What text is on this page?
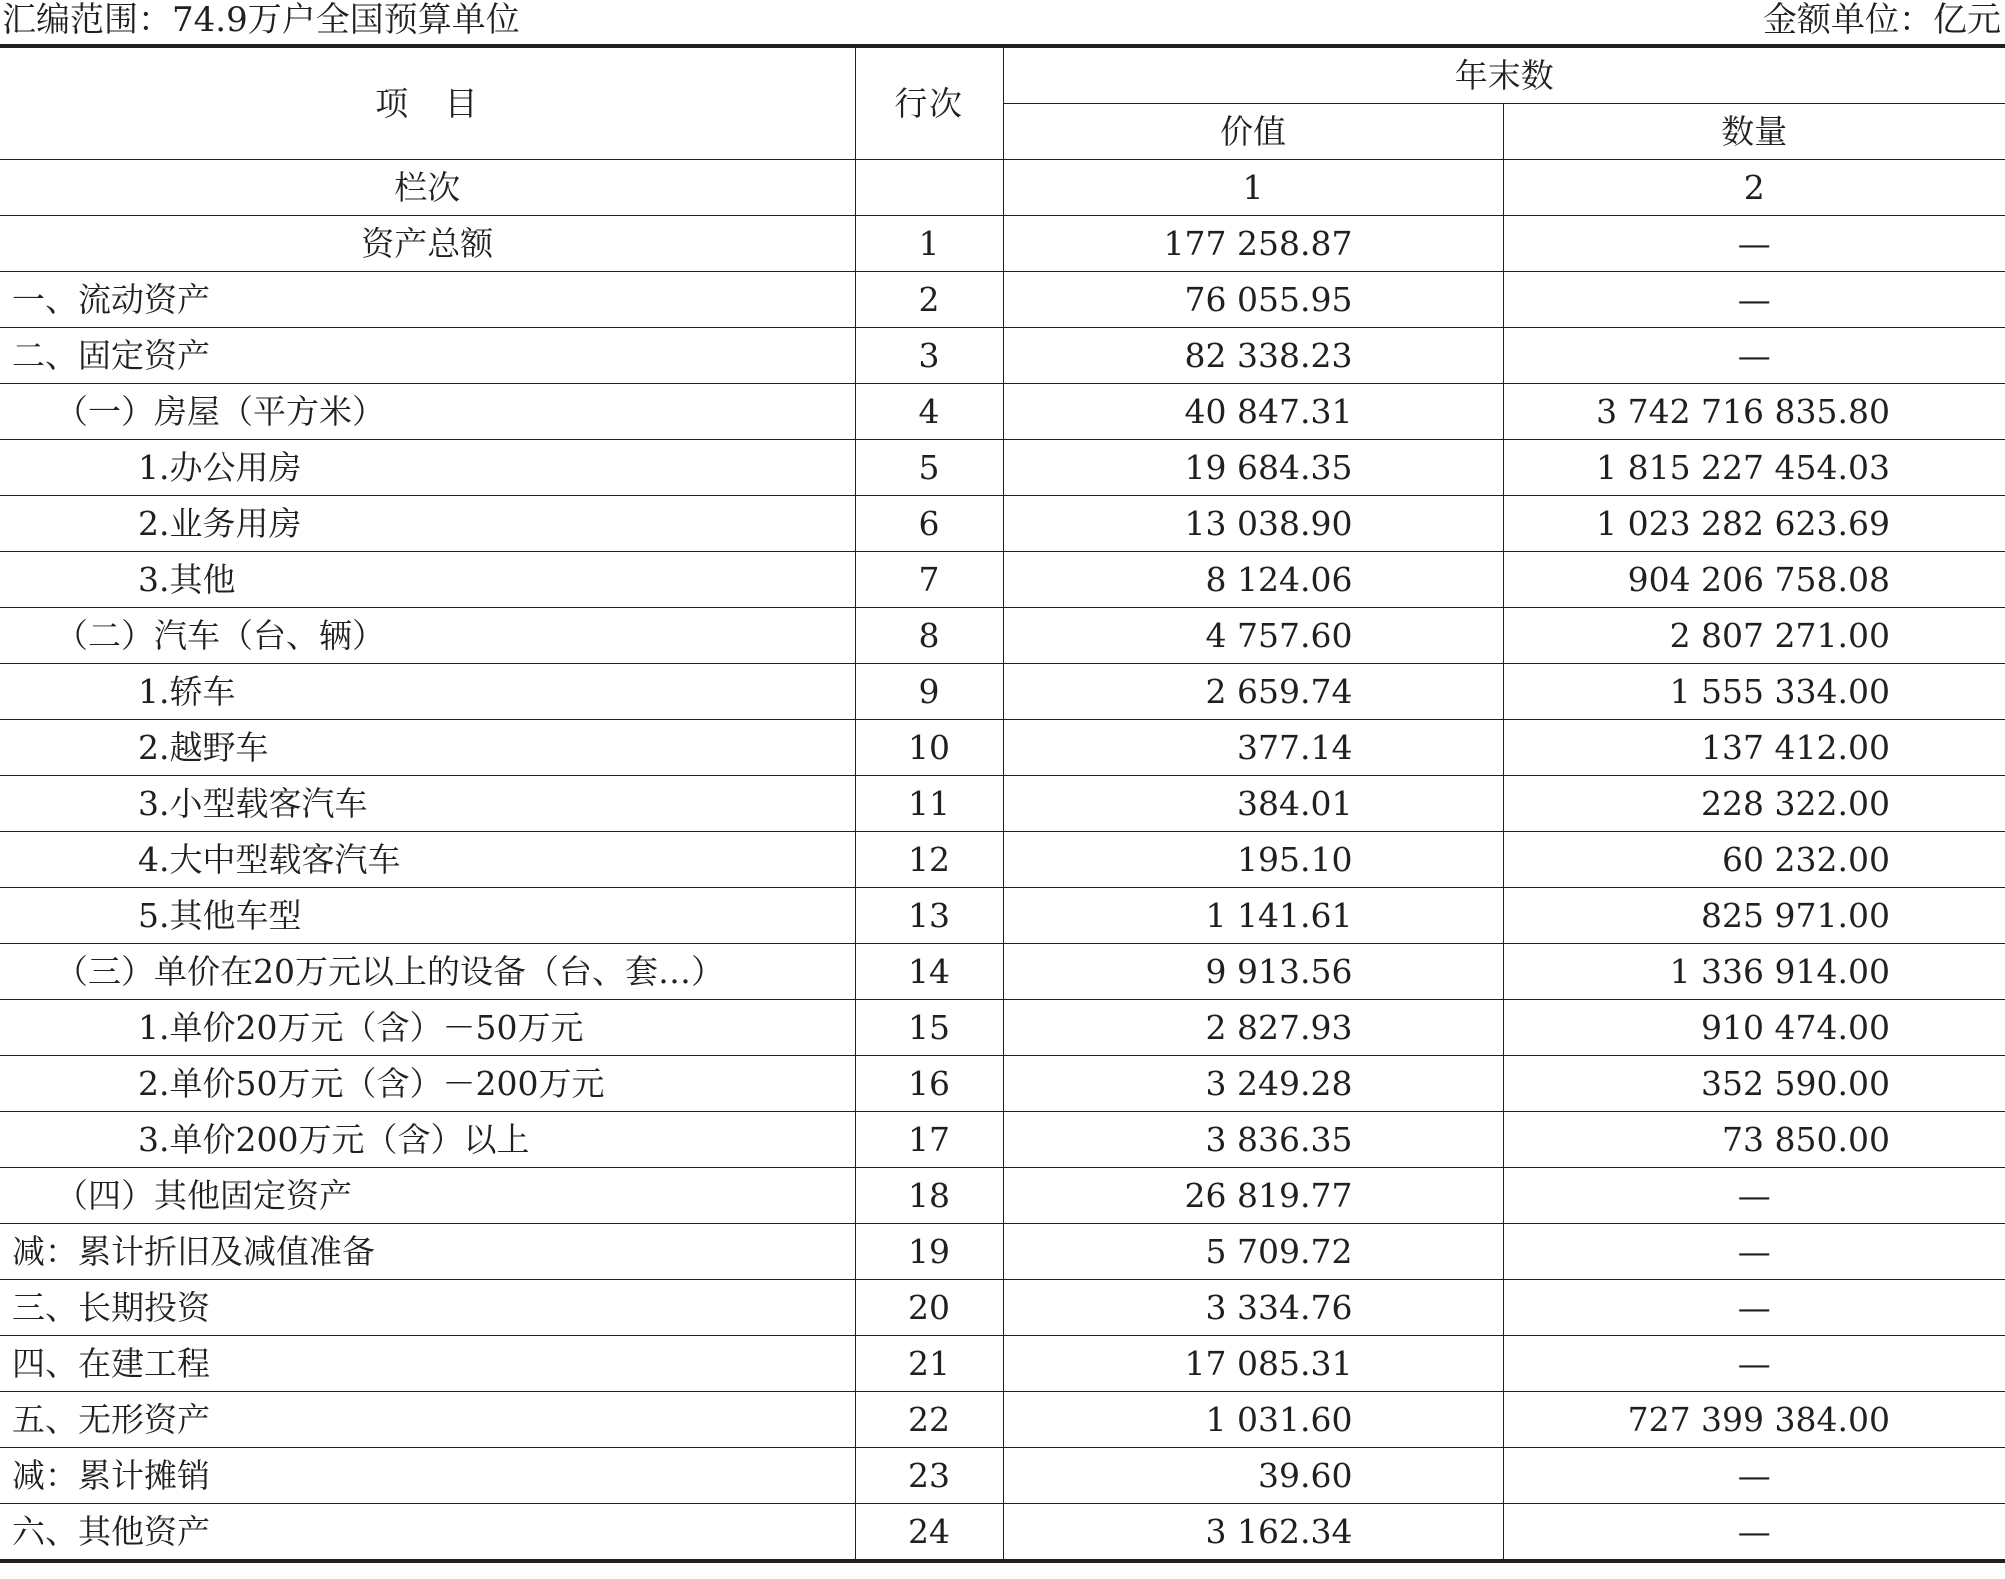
汇编范围：74.9万户全国预算单位	金额单位：亿元
项　目	行次	年末数	
		价值	数量
栏次		1	2
资产总额	1	177 258.87	—
一、流动资产	2	76 055.95	—
二、固定资产	3	82 338.23	—
（一）房屋（平方米）	4	40 847.31	3 742 716 835.80
1.办公用房	5	19 684.35	1 815 227 454.03
2.业务用房	6	13 038.90	1 023 282 623.69
3.其他	7	8 124.06	904 206 758.08
（二）汽车（台、辆）	8	4 757.60	2 807 271.00
1.轿车	9	2 659.74	1 555 334.00
2.越野车	10	377.14	137 412.00
3.小型载客汽车	11	384.01	228 322.00
4.大中型载客汽车	12	195.10	60 232.00
5.其他车型	13	1 141.61	825 971.00
（三）单价在20万元以上的设备（台、套…）	14	9 913.56	1 336 914.00
1.单价20万元（含）－50万元	15	2 827.93	910 474.00
2.单价50万元（含）－200万元	16	3 249.28	352 590.00
3.单价200万元（含）以上	17	3 836.35	73 850.00
（四）其他固定资产	18	26 819.77	—
减：累计折旧及减值准备	19	5 709.72	—
三、长期投资	20	3 334.76	—
四、在建工程	21	17 085.31	—
五、无形资产	22	1 031.60	727 399 384.00
减：累计摊销	23	39.60	—
六、其他资产	24	3 162.34	—
